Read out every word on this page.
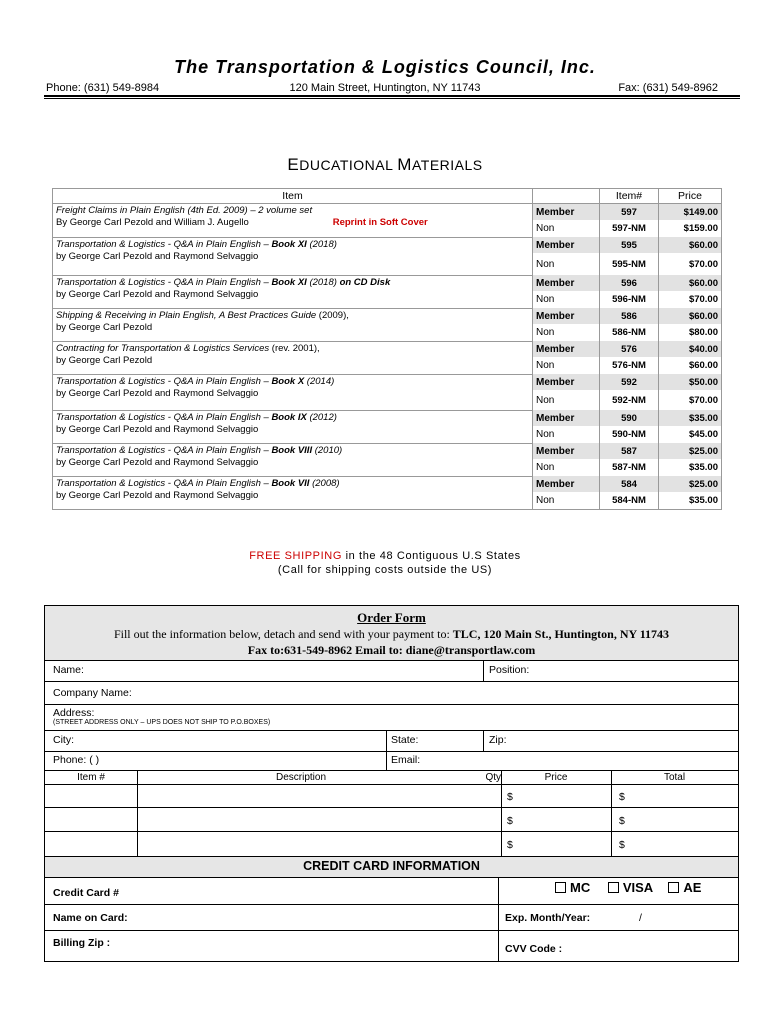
The Transportation & Logistics Council, Inc.
Phone: (631) 549-8984	120 Main Street, Huntington, NY 11743	Fax: (631) 549-8962
EDUCATIONAL MATERIALS
Item		Item#	Price
Freight Claims in Plain English (4th Ed. 2009) – 2 volume set
By George Carl Pezold and William J. Augello Reprint in Soft Cover	Member	597	$149.00
	Non	597-NM	$159.00
Transportation & Logistics - Q&A in Plain English – Book XI (2018)
by George Carl Pezold and Raymond Selvaggio	Member	595	$60.00
	Non	595-NM	$70.00
Transportation & Logistics - Q&A in Plain English – Book XI (2018) on CD Disk
by George Carl Pezold and Raymond Selvaggio	Member	596	$60.00
	Non	596-NM	$70.00
Shipping & Receiving in Plain English, A Best Practices Guide (2009),
by George Carl Pezold	Member	586	$60.00
	Non	586-NM	$80.00
Contracting for Transportation & Logistics Services (rev. 2001),
by George Carl Pezold	Member	576	$40.00
	Non	576-NM	$60.00
Transportation & Logistics - Q&A in Plain English – Book X (2014)
by George Carl Pezold and Raymond Selvaggio	Member	592	$50.00
	Non	592-NM	$70.00
Transportation & Logistics - Q&A in Plain English – Book IX (2012)
by George Carl Pezold and Raymond Selvaggio	Member	590	$35.00
	Non	590-NM	$45.00
Transportation & Logistics - Q&A in Plain English – Book VIII (2010)
by George Carl Pezold and Raymond Selvaggio	Member	587	$25.00
	Non	587-NM	$35.00
Transportation & Logistics - Q&A in Plain English – Book VII (2008)
by George Carl Pezold and Raymond Selvaggio	Member	584	$25.00
	Non	584-NM	$35.00
FREE SHIPPING in the 48 Contiguous U.S States
(Call for shipping costs outside the US)
Order Form
Fill out the information below, detach and send with your payment to: TLC, 120 Main St., Huntington, NY 11743
Fax to:631-549-8962 Email to: diane@transportlaw.com
Name:	Position:
Company Name:
Address:
(STREET ADDRESS ONLY – UPS DOES NOT SHIP TO P.O.BOXES)
City:	State:	Zip:
Phone: ( )	Email:
Item #	Description	Qty	Price	Total
$	$
$	$
$	$
CREDIT CARD INFORMATION
Credit Card #	MC	VISA AE
Name on Card:	Exp. Month/Year:	/
Billing Zip :	CVV Code :
